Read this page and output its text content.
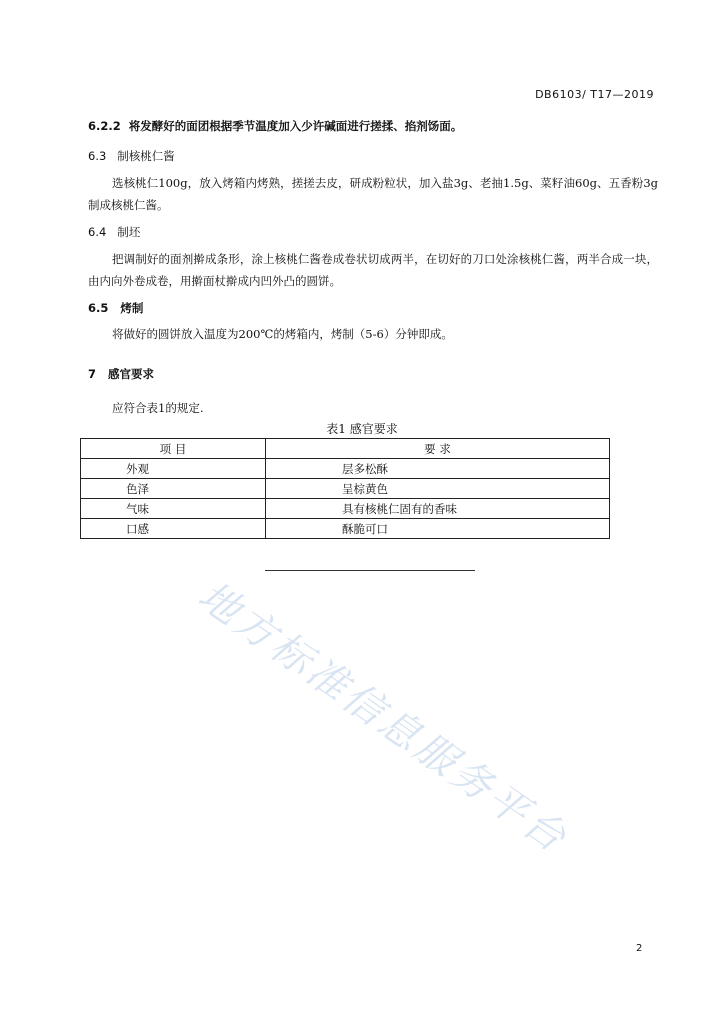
DB6103/ T17—2019
6.2.2 将发酵好的面团根据季节温度加入少许碱面进行搓揉、掐剂饧面。
6.3 制核桃仁酱
选核桃仁100g，放入烤箱内烤熟，搓搓去皮，研成粉粒状，加入盐3g、老抽1.5g、菜籽油60g、五香粉3g制成核桃仁酱。
6.4 制坯
把调制好的面剂擀成条形，涂上核桃仁酱卷成卷状切成两半，在切好的刀口处涂核桃仁酱，两半合成一块，由内向外卷成卷，用擀面杖擀成内凹外凸的圆饼。
6.5 烤制
将做好的圆饼放入温度为200℃的烤箱内，烤制（5-6）分钟即成。
7 感官要求
应符合表1的规定.
表1 感官要求
项 目	要 求
外观	层多松酥
色泽	呈棕黄色
气味	具有核桃仁固有的香味
口感	酥脆可口
地方标准信息服务平台
2
